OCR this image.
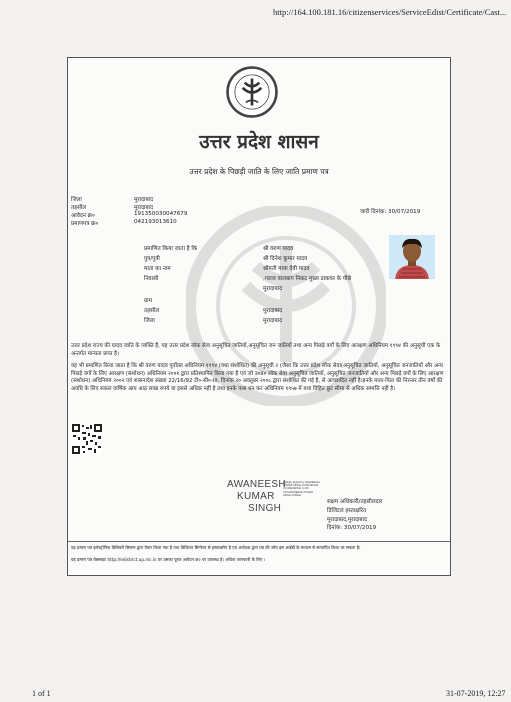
http://164.100.181.16/citizenservices/ServiceEdist/Certificate/Cast...
उत्तर प्रदेश शासन
उत्तर प्रदेश के पिछड़ी जाति के लिए जाति प्रमाण पत्र
जिला	मुरादाबाद
तहसील	मुरादाबाद
आवेदन क्र०	191350030047679
प्रमाणपत्र क्र०	042193013610
जारी दिनांक: 30/07/2019
प्रमाणित किया जाता है कि	श्री वरुण यादव
पुत्र/पुत्री	श्री दिनेश कुमार यादव
माता का नाम	श्रीमती माया देवी यादव
निवासी	,गराज वालबाग निकट मुख्य डाकघर के पीछे
मुरादाबाद
ग्राम
तहसील	मुरादाबाद
जिला	मुरादाबाद
उत्तर प्रदेश राज्य की यादव जाति के व्यक्ति हैं, यह उत्तर प्रदेश लोक सेवा अनुसूचित जातियों,अनुसूचित जन जातियों तथा अन्य पिछड़े वर्गों के लिए आरक्षण अधिनियम १९९४ की अनुसूची एक के अन्तर्गत मान्यता प्राप्त है।
यह भी प्रमाणित किया जाता है कि श्री वरुण यादव पूर्वोक्त अधिनियम १९९४ (यथा संशोधित) की अनुसूची २ (जैसा कि उत्तर प्रदेश लोक सेवा(अनुसूचित जातियों, अनुसूचित जनजातियों और अन्य पिछड़े वर्गों के लिए आरक्षण (संशोधन) अधिनियम २००१ द्वारा प्रतिस्थापित किया गया है एवं जो उ०प्र० लोक सेवा अनुसूचित जातियों, अनुसूचित जनजातियों और अन्य पिछड़े वर्गों के लिए आरक्षण (संशोधन) अधिनियम २००२ एवं शासनादेश संख्या 22/16/92 टी०-सी०-III, दिनांक २० अक्तूबर २००८ द्वारा संशोधित की गई है, से आच्छादित नहीं है।इनके माता-पिता की निरन्तर तीन वर्षों की अवधि के लिए सकल वार्षिक आय आठ लाख रुपये या इससे अधिक नहीं है तथा इनके पास धन कर अधिनियम १९५७ में यथा विहित छूट सीमा से अधिक सम्पत्ति नहीं है।
AWANEESH
KUMAR
SINGH
Digitally Signed by AWANEESH KUMAR SINGH O=REVENUE, OU=REVENUE, C=IN, CN=AWANEESH KUMAR SINGH,S=Bihar
सक्षम अधिकारी/तहसीलदार
डिजिटल हस्ताक्षरित
मुरादाबाद,मुरादाबाद
दिनांक: 30/07/2019
यह प्रमाण पत्र इलेक्ट्रॉनिक डिलिवरी सिस्टम द्वारा तैयार किया गया है तथा डिजिटल सिग्नेचर से हस्ताक्षरित है एवं आवेदक द्वारा पत्र की जाँच इस आईडी के माध्यम से सत्यापित किया जा सकता है।
यह प्रमाण पत्र वेबसाइट http://edistrict.up.nic.in पर उसका पूरक आवेदन क्र० पर उपलब्ध है। अधिक जानकारी के लिए ।
1 of 1	31-07-2019, 12:27
